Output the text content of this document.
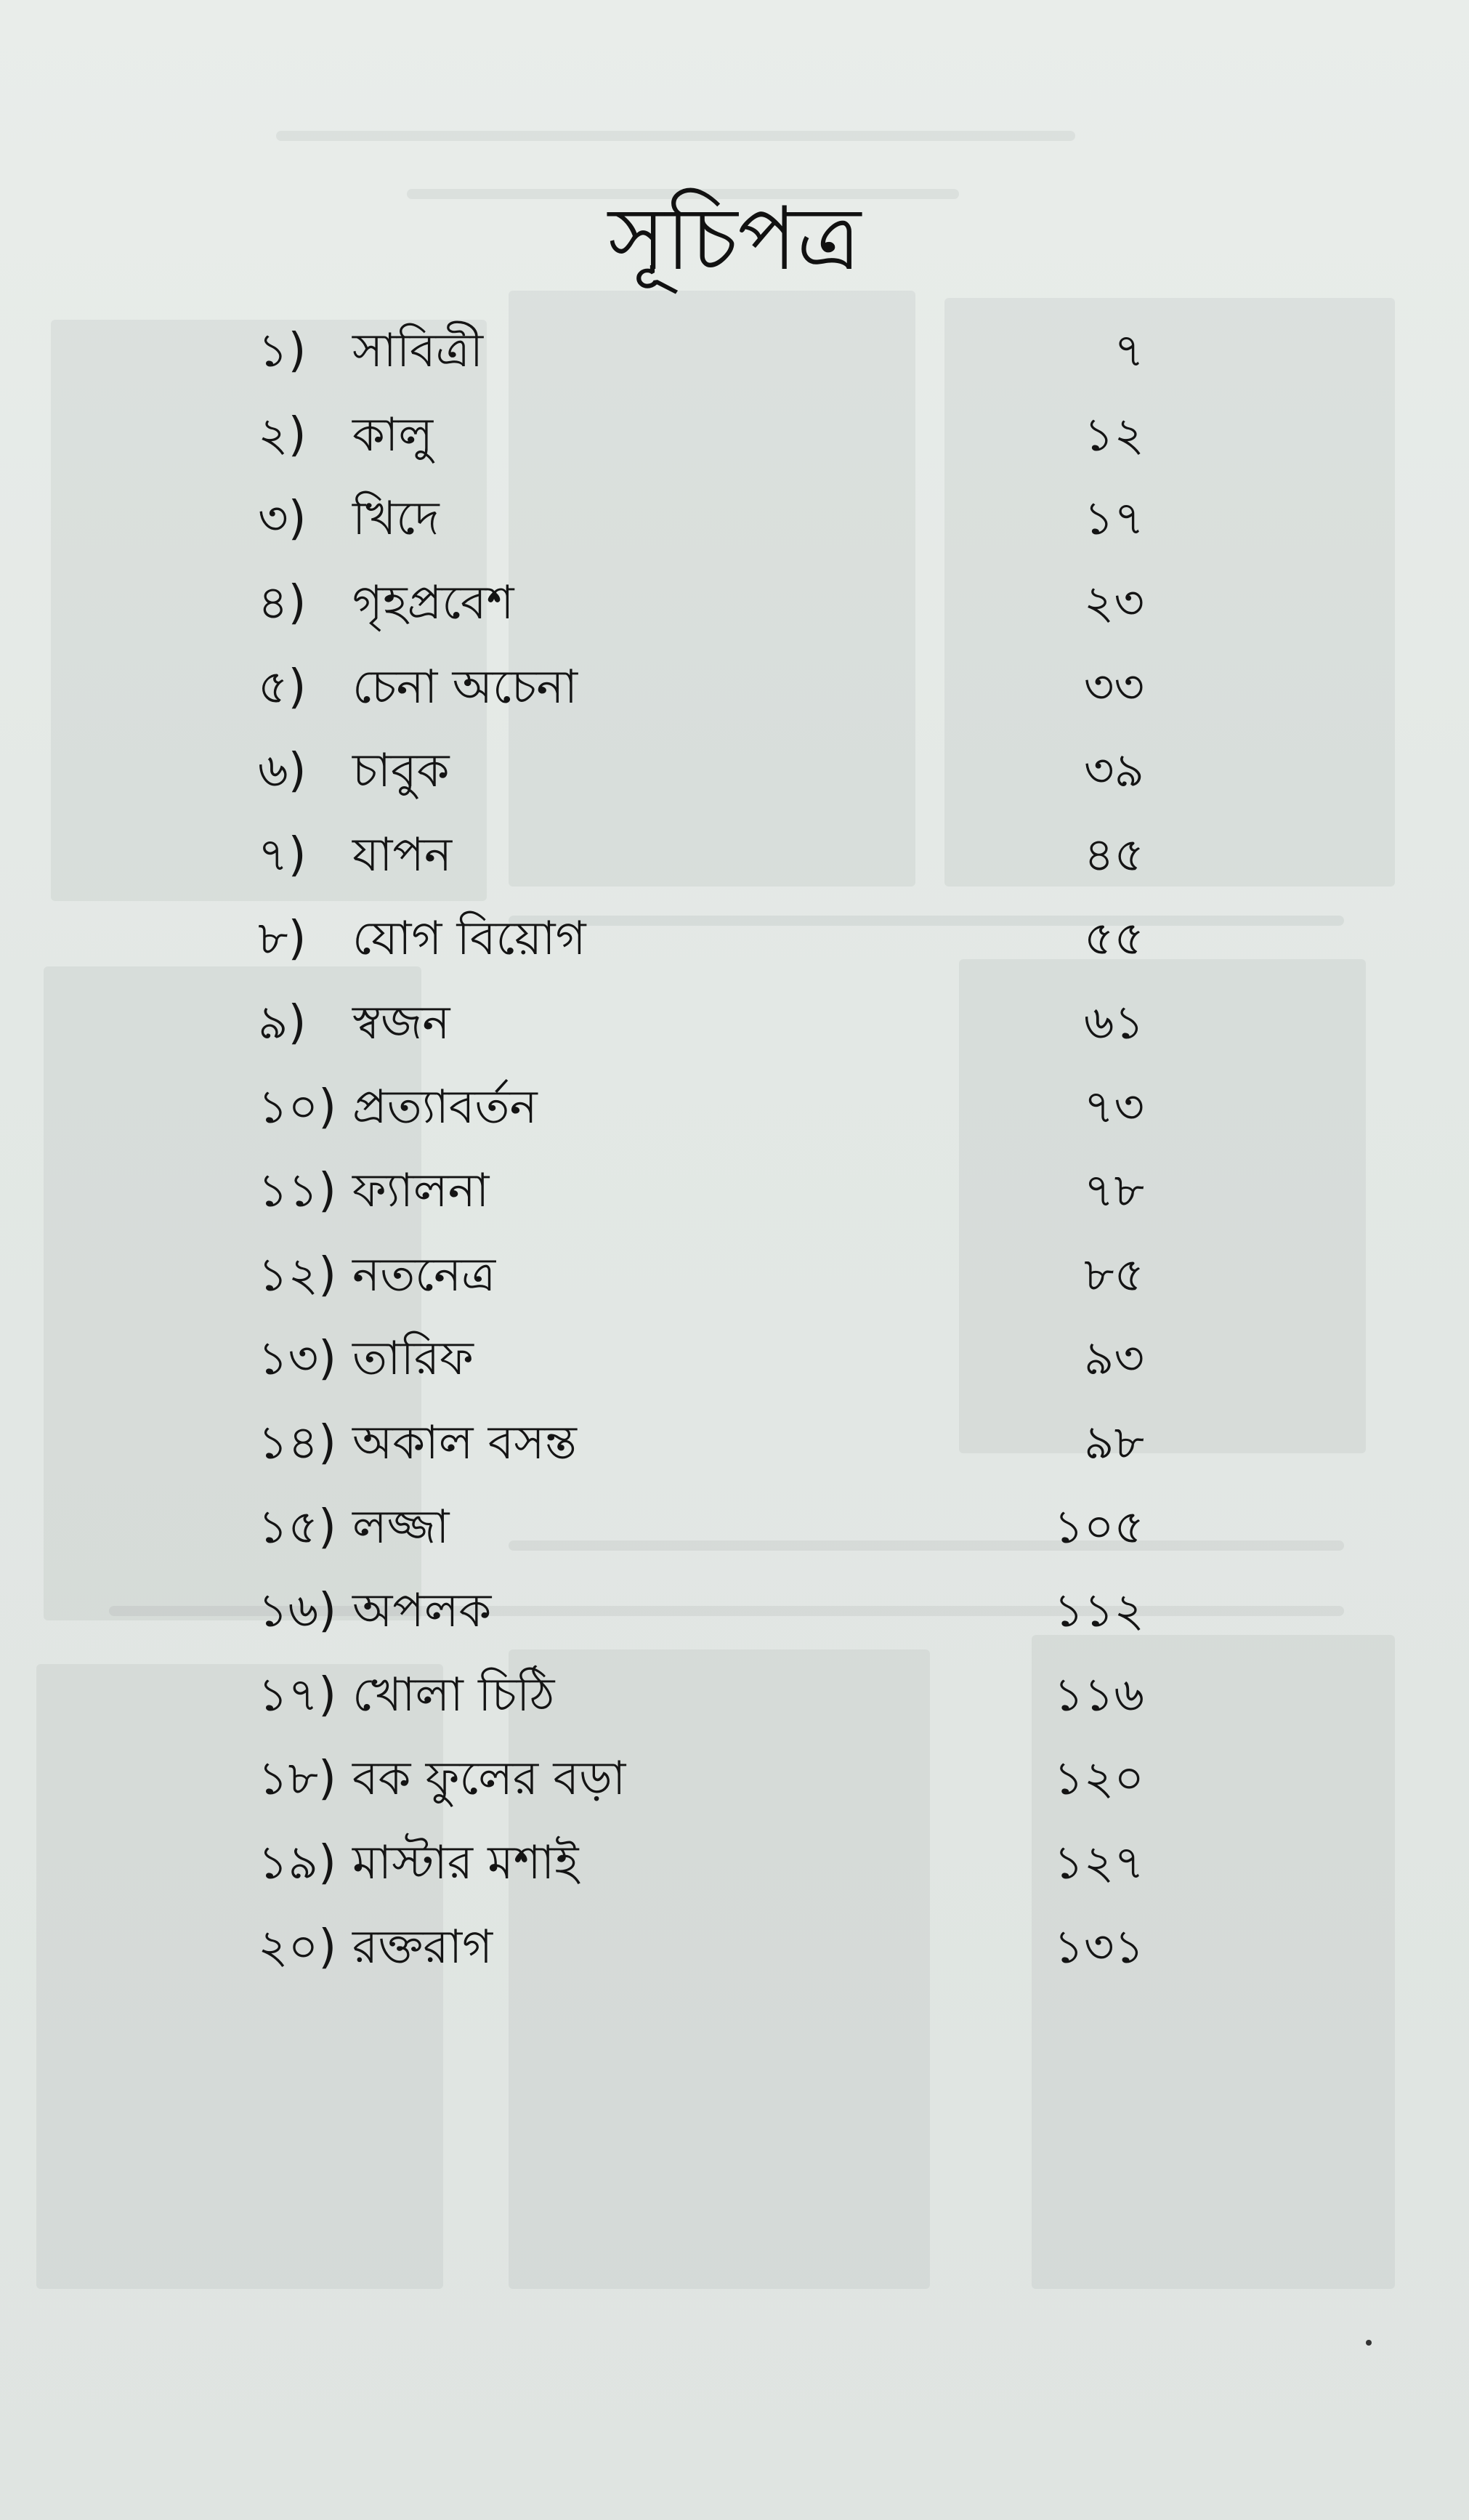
সূচিপত্র
১) সাবিত্রী	৭
২) কালু	১২
৩) খিদে	১৭
৪) গৃহপ্রবেশ	২৩
৫) চেনা অচেনা	৩৩
৬) চাবুক	৩৯
৭) যাপন	৪৫
৮) যোগ বিয়োগ	৫৫
৯) স্বজন	৬১
১০) প্রত্যাবর্তন	৭৩
১১) ফ্যালনা	৭৮
১২) নতনেত্র	৮৫
১৩) তারিফ	৯৩
১৪) অকাল বসন্ত	৯৮
১৫) লজ্জা	১০৫
১৬) অপলক	১১২
১৭) খোলা চিঠি	১১৬
১৮) বক ফুলের বড়া	১২০
১৯) মাস্টার মশাই	১২৭
২০) রক্তরাগ	১৩১
